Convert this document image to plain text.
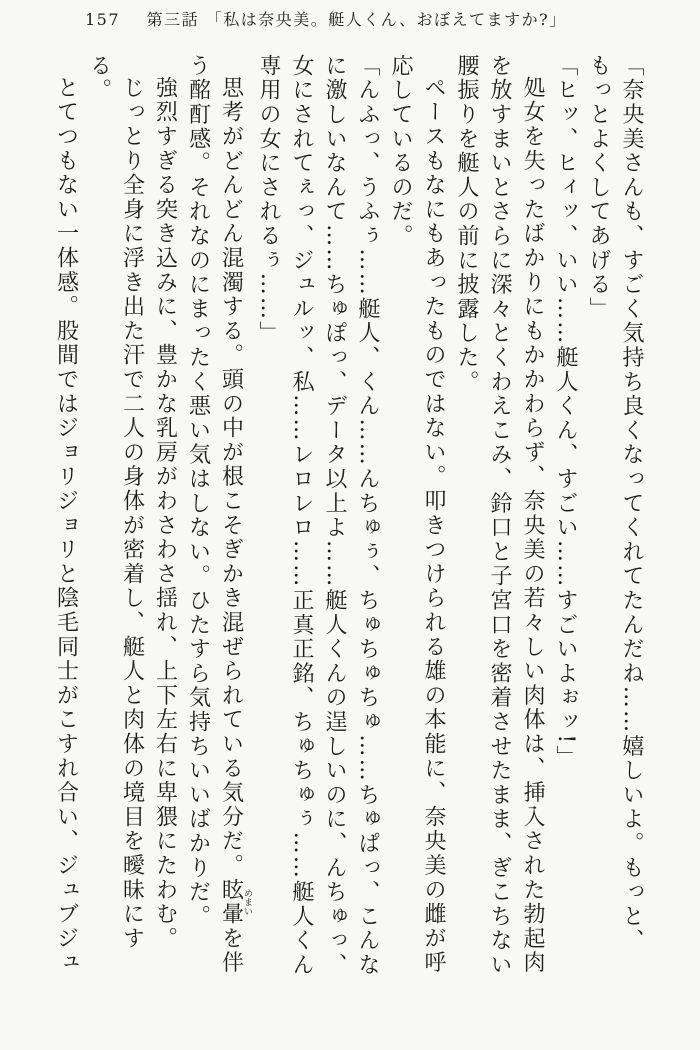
157 第三話 「私は奈央美。艇人くん、おぼえてますか?」

「奈央美さんも、すごく気持ち良くなってくれてたんだね……嬉しいよ。もっと、もっとよくしてあげる」

「ヒッ、ヒィッ、いい……艇人くん、すごい……すごいよぉッ!」

処女を失ったばかりにもかかわらず、奈央美の若々しい肉体は、挿入された勃起肉を放すまいとさらに深々とくわえこみ、鈴口と子宮口を密着させたまま、ぎこちない腰振りを艇人の前に披露した。

ペースもなにもあったものではない。叩きつけられる雄の本能に、奈央美の雌が呼応しているのだ。

「んふっ、うふぅ……艇人、くん……んちゅぅ、ちゅちゅちゅ……ちゅぱっ、こんなに激しいなんて……ちゅぽっ、データ以上よ……艇人くんの逞しいのに、んちゅっ、女にされてぇっ、ジュルッ、私……レロレロ……正真正銘、ちゅちゅぅ……艇人くん専用の女にされるぅ……」

思考がどんどん混濁する。頭の中が根こそぎかき混ぜられている気分だ。眩暈めまいを伴う酩酊感。それなのにまったく悪い気はしない。ひたすら気持ちいいばかりだ。

強烈すぎる突き込みに、豊かな乳房がわさわさ揺れ、上下左右に卑猥にたわむ。

じっとり全身に浮き出た汗で二人の身体が密着し、艇人と肉体の境目を曖昧にする。

とてつもない一体感。股間ではジョリジョリと陰毛同士がこすれ合い、ジュブジュ
